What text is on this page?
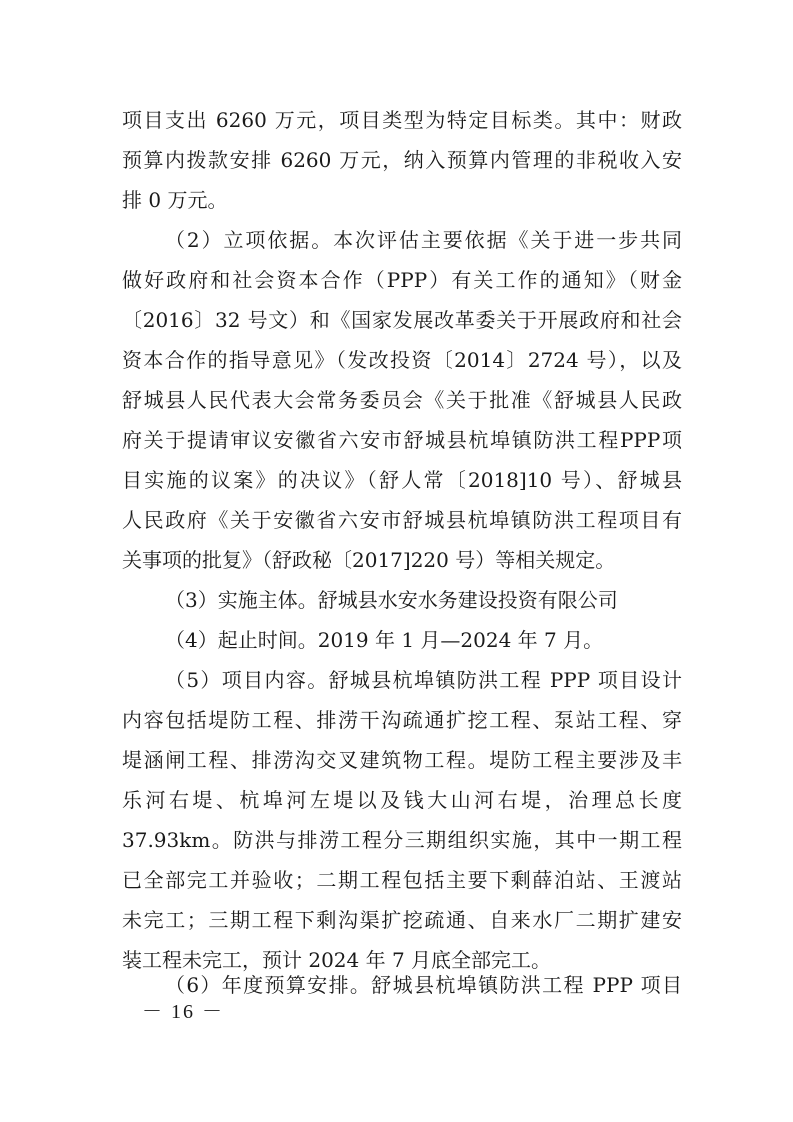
项目支出 6260 万元，项目类型为特定目标类。其中：财政
预算内拨款安排 6260 万元，纳入预算内管理的非税收入安
排 0 万元。
（2）立项依据。本次评估主要依据《关于进一步共同
做好政府和社会资本合作（PPP）有关工作的通知》（财金
〔2016〕32 号文）和《国家发展改革委关于开展政府和社会
资本合作的指导意见》（发改投资〔2014〕2724 号），以及
舒城县人民代表大会常务委员会《关于批准《舒城县人民政
府关于提请审议安徽省六安市舒城县杭埠镇防洪工程PPP项
目实施的议案》的决议》（舒人常〔2018]10 号）、舒城县
人民政府《关于安徽省六安市舒城县杭埠镇防洪工程项目有
关事项的批复》（舒政秘〔2017]220 号）等相关规定。
（3）实施主体。舒城县水安水务建设投资有限公司
（4）起止时间。2019 年 1 月—2024 年 7 月。
（5）项目内容。舒城县杭埠镇防洪工程 PPP 项目设计
内容包括堤防工程、排涝干沟疏通扩挖工程、泵站工程、穿
堤涵闸工程、排涝沟交叉建筑物工程。堤防工程主要涉及丰
乐河右堤、杭埠河左堤以及钱大山河右堤，治理总长度
37.93km。防洪与排涝工程分三期组织实施，其中一期工程
已全部完工并验收；二期工程包括主要下剩薛泊站、王渡站
未完工；三期工程下剩沟渠扩挖疏通、自来水厂二期扩建安
装工程未完工，预计 2024 年 7 月底全部完工。
（6）年度预算安排。舒城县杭埠镇防洪工程 PPP 项目
－ 16 －
